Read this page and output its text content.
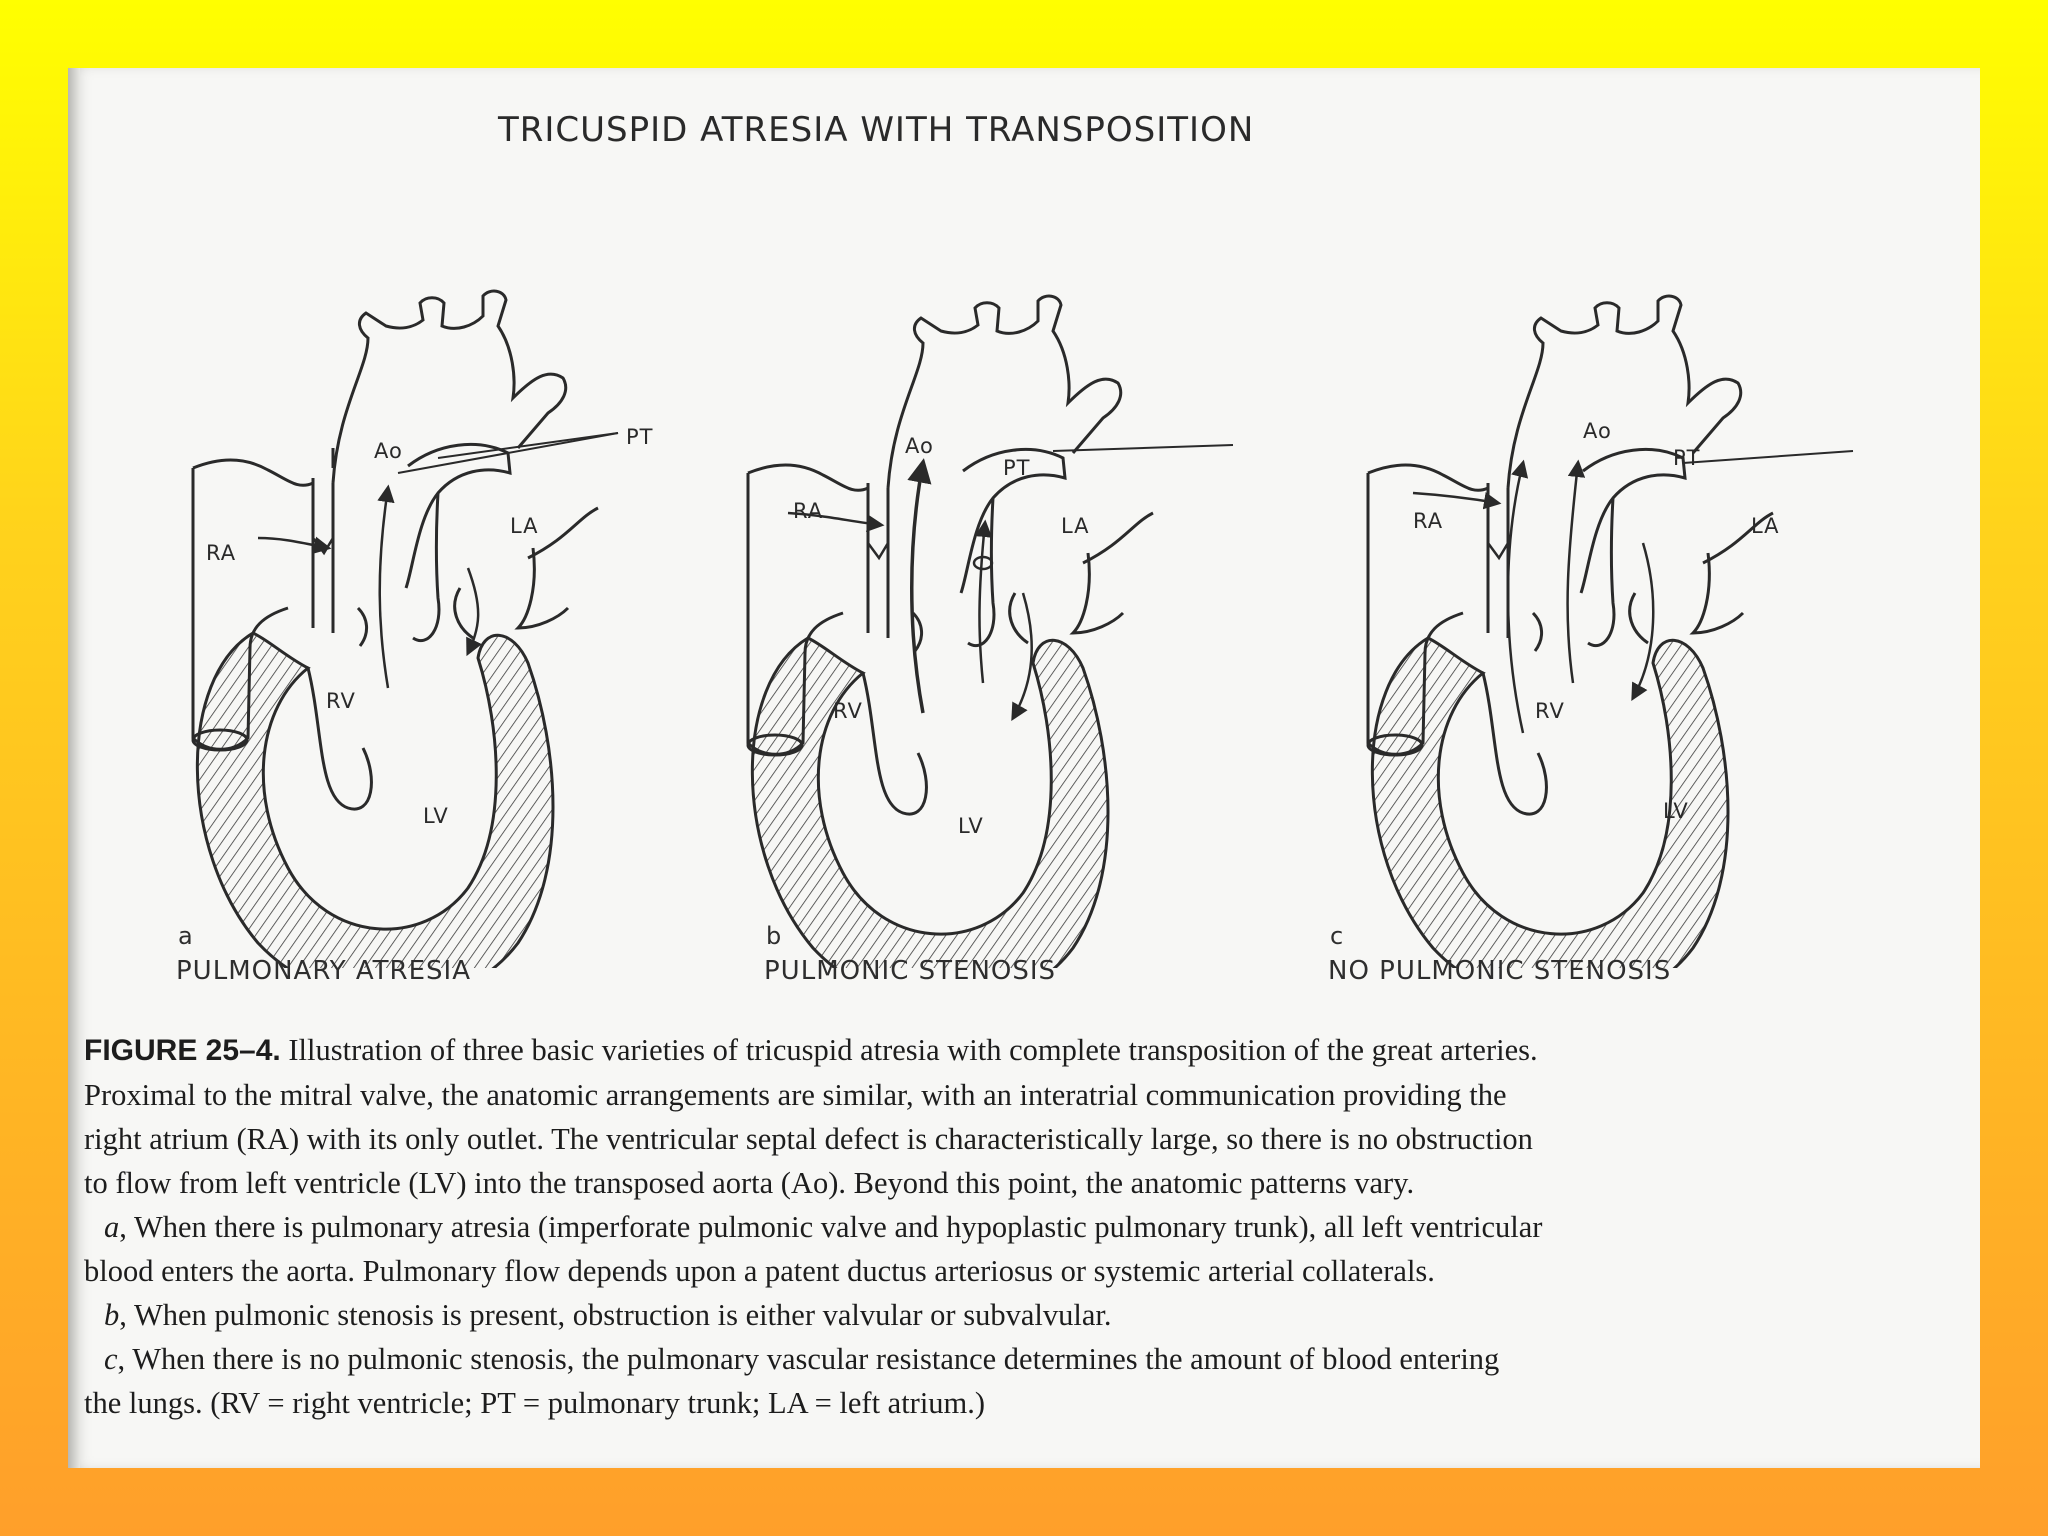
TRICUSPID ATRESIA WITH TRANSPOSITION
Ao
PT
RA
LA
RV
LV
Ao
PT
RA
LA
RV
LV
Ao
PT
RA	LA
RV
LV
a
PULMONARY ATRESIA
b
PULMONIC STENOSIS
c
NO PULMONIC STENOSIS

FIGURE 25–4. Illustration of three basic varieties of tricuspid atresia with complete transposition of the great arteries.

Proximal to the mitral valve, the anatomic arrangements are similar, with an interatrial communication providing the

right atrium (RA) with its only outlet. The ventricular septal defect is characteristically large, so there is no obstruction

to flow from left ventricle (LV) into the transposed aorta (Ao). Beyond this point, the anatomic patterns vary.

a, When there is pulmonary atresia (imperforate pulmonic valve and hypoplastic pulmonary trunk), all left ventricular

blood enters the aorta. Pulmonary flow depends upon a patent ductus arteriosus or systemic arterial collaterals.

b, When pulmonic stenosis is present, obstruction is either valvular or subvalvular.

c, When there is no pulmonic stenosis, the pulmonary vascular resistance determines the amount of blood entering

the lungs. (RV = right ventricle; PT = pulmonary trunk; LA = left atrium.)
